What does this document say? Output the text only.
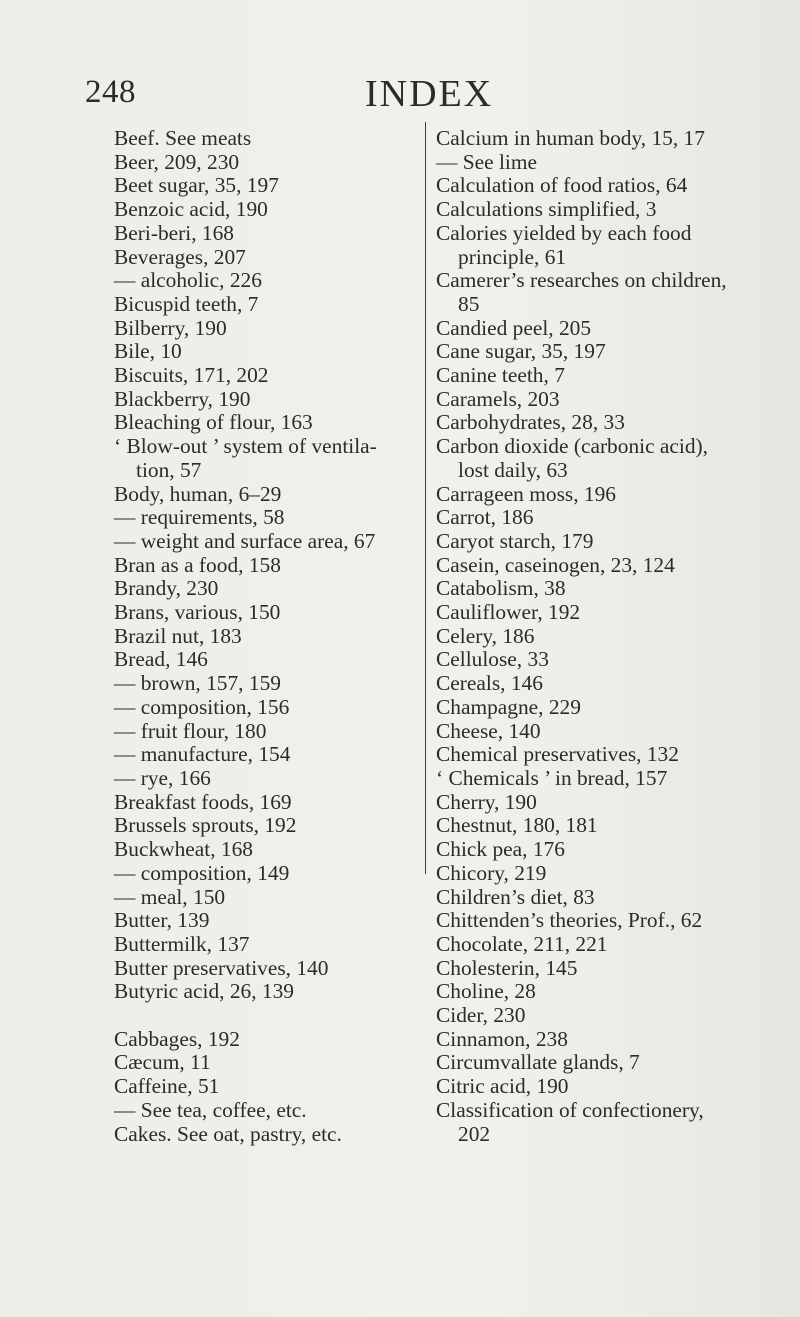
248	INDEX
Beef. See meats
Beer, 209, 230
Beet sugar, 35, 197
Benzoic acid, 190
Beri-beri, 168
Beverages, 207
— alcoholic, 226
Bicuspid teeth, 7
Bilberry, 190
Bile, 10
Biscuits, 171, 202
Blackberry, 190
Bleaching of flour, 163
‘ Blow-out ’ system of ventila-
tion, 57
Body, human, 6–29
— requirements, 58
— weight and surface area, 67
Bran as a food, 158
Brandy, 230
Brans, various, 150
Brazil nut, 183
Bread, 146
— brown, 157, 159
— composition, 156
— fruit flour, 180
— manufacture, 154
— rye, 166
Breakfast foods, 169
Brussels sprouts, 192
Buckwheat, 168
— composition, 149
— meal, 150
Butter, 139
Buttermilk, 137
Butter preservatives, 140
Butyric acid, 26, 139
Cabbages, 192
Cæcum, 11
Caffeine, 51
— See tea, coffee, etc.
Cakes. See oat, pastry, etc.
Calcium in human body, 15, 17
— See lime
Calculation of food ratios, 64
Calculations simplified, 3
Calories yielded by each food
principle, 61
Camerer’s researches on children,
85
Candied peel, 205
Cane sugar, 35, 197
Canine teeth, 7
Caramels, 203
Carbohydrates, 28, 33
Carbon dioxide (carbonic acid),
lost daily, 63
Carrageen moss, 196
Carrot, 186
Caryot starch, 179
Casein, caseinogen, 23, 124
Catabolism, 38
Cauliflower, 192
Celery, 186
Cellulose, 33
Cereals, 146
Champagne, 229
Cheese, 140
Chemical preservatives, 132
‘ Chemicals ’ in bread, 157
Cherry, 190
Chestnut, 180, 181
Chick pea, 176
Chicory, 219
Children’s diet, 83
Chittenden’s theories, Prof., 62
Chocolate, 211, 221
Cholesterin, 145
Choline, 28
Cider, 230
Cinnamon, 238
Circumvallate glands, 7
Citric acid, 190
Classification of confectionery,
202
